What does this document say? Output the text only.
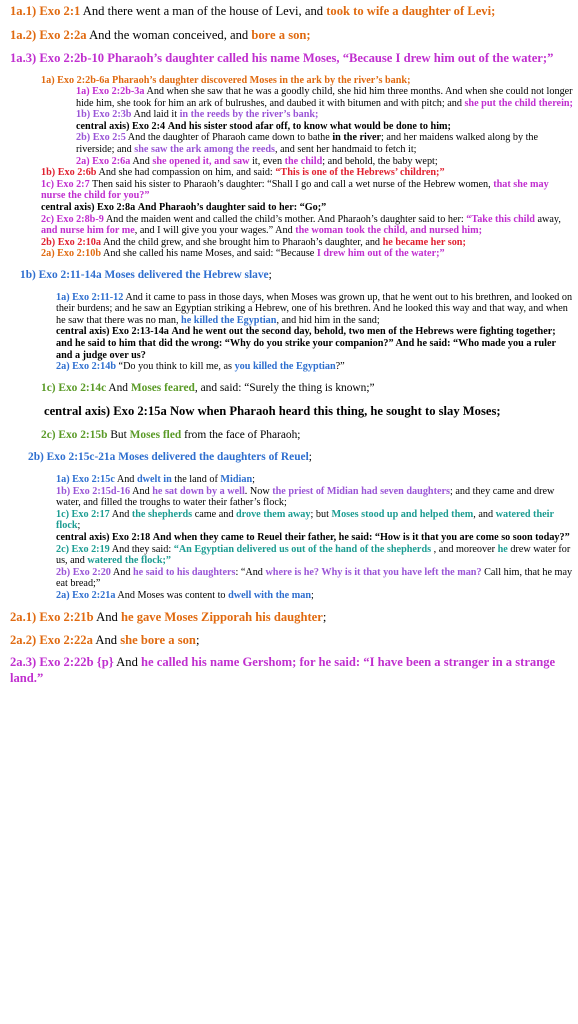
1a.1) Exo 2:1 And there went a man of the house of Levi, and took to wife a daughter of Levi;

1a.2) Exo 2:2a And the woman conceived, and bore a son;

1a.3) Exo 2:2b-10 Pharaoh’s daughter called his name Moses, “Because I drew him out of the water;”

1a) Exo 2:2b-6a Pharaoh’s daughter discovered Moses in the ark by the river’s bank;

1a) Exo 2:2b-3a And when she saw that he was a goodly child, she hid him three months. And when she could not longer hide him, she took for him an ark of bulrushes, and daubed it with bitumen and with pitch; and she put the child therein;

1b) Exo 2:3b And laid it in the reeds by the river’s bank;

central axis) Exo 2:4 And his sister stood afar off, to know what would be done to him;

2b) Exo 2:5 And the daughter of Pharaoh came down to bathe in the river; and her maidens walked along by the riverside; and she saw the ark among the reeds, and sent her handmaid to fetch it;

2a) Exo 2:6a And she opened it, and saw it, even the child; and behold, the baby wept;

1b) Exo 2:6b And she had compassion on him, and said: “This is one of the Hebrews’ children;”

1c) Exo 2:7 Then said his sister to Pharaoh’s daughter: “Shall I go and call a wet nurse of the Hebrew women, that she may nurse the child for you?”

central axis) Exo 2:8a And Pharaoh’s daughter said to her: “Go;”

2c) Exo 2:8b-9 And the maiden went and called the child’s mother. And Pharaoh’s daughter said to her: “Take this child away, and nurse him for me, and I will give you your wages.” And the woman took the child, and nursed him;

2b) Exo 2:10a And the child grew, and she brought him to Pharaoh’s daughter, and he became her son;

2a) Exo 2:10b And she called his name Moses, and said: “Because I drew him out of the water;”

1b) Exo 2:11-14a Moses delivered the Hebrew slave;

1a) Exo 2:11-12 And it came to pass in those days, when Moses was grown up, that he went out to his brethren, and looked on their burdens; and he saw an Egyptian striking a Hebrew, one of his brethren. And he looked this way and that way, and when he saw that there was no man, he killed the Egyptian, and hid him in the sand;

central axis) Exo 2:13-14a And he went out the second day, behold, two men of the Hebrews were fighting together; and he said to him that did the wrong: “Why do you strike your companion?” And he said: “Who made you a ruler and a judge over us?

2a) Exo 2:14b “Do you think to kill me, as you killed the Egyptian?”

1c) Exo 2:14c And Moses feared, and said: “Surely the thing is known;”

central axis) Exo 2:15a Now when Pharaoh heard this thing, he sought to slay Moses;

2c) Exo 2:15b But Moses fled from the face of Pharaoh;

2b) Exo 2:15c-21a Moses delivered the daughters of Reuel;

1a) Exo 2:15c And dwelt in the land of Midian;

1b) Exo 2:15d-16 And he sat down by a well. Now the priest of Midian had seven daughters; and they came and drew water, and filled the troughs to water their father’s flock;

1c) Exo 2:17 And the shepherds came and drove them away; but Moses stood up and helped them, and watered their flock;

central axis) Exo 2:18 And when they came to Reuel their father, he said: “How is it that you are come so soon today?”

2c) Exo 2:19 And they said: “An Egyptian delivered us out of the hand of the shepherds , and moreover he drew water for us, and watered the flock;”

2b) Exo 2:20 And he said to his daughters: “And where is he? Why is it that you have left the man? Call him, that he may eat bread;”

2a) Exo 2:21a And Moses was content to dwell with the man;

2a.1) Exo 2:21b And he gave Moses Zipporah his daughter;

2a.2) Exo 2:22a And she bore a son;

2a.3) Exo 2:22b {p} And he called his name Gershom; for he said: “I have been a stranger in a strange land.”
